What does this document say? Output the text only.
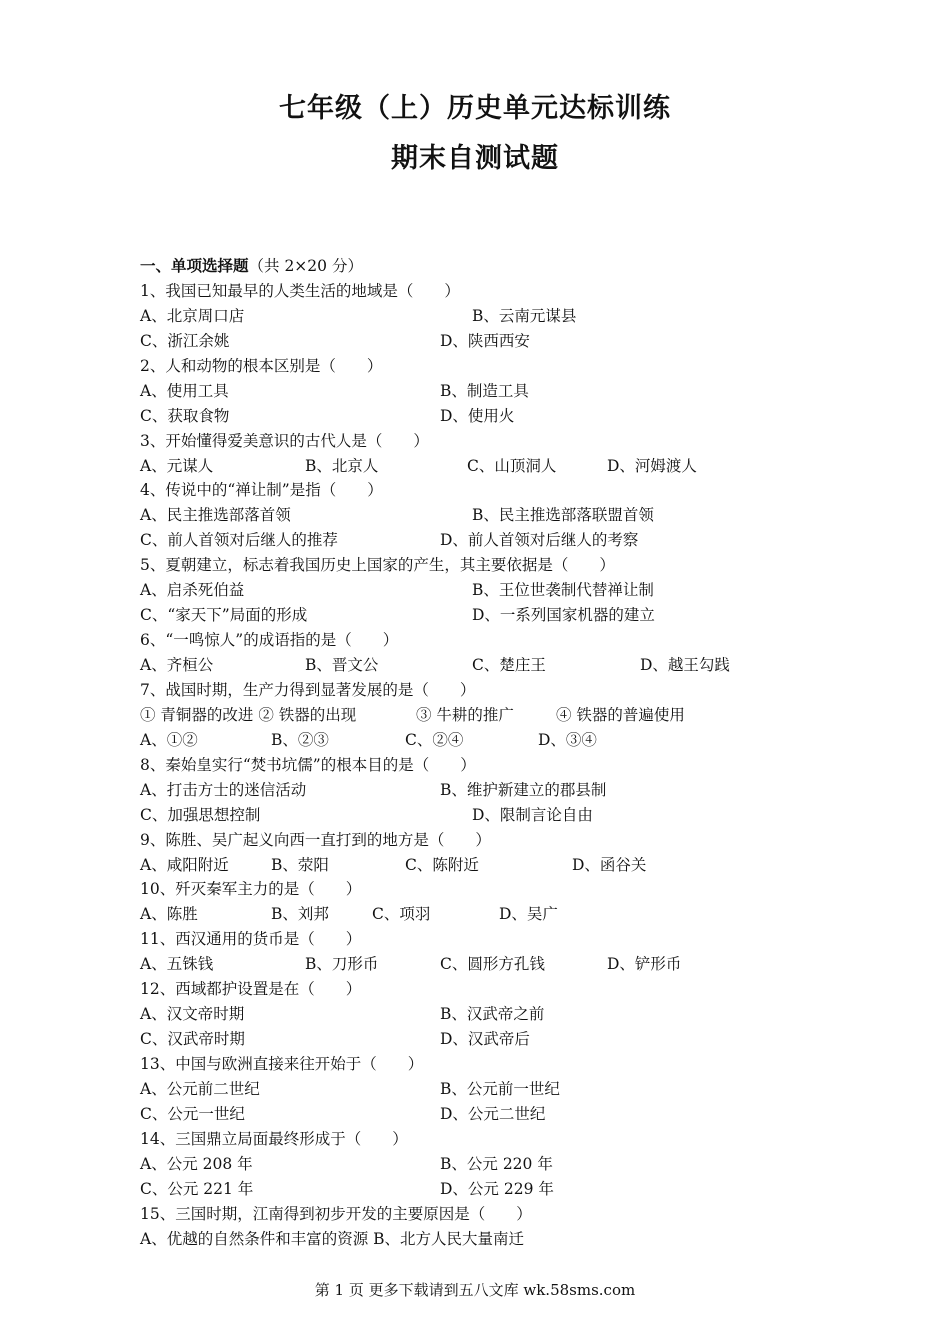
七年级（上）历史单元达标训练
期末自测试题
一、单项选择题（共 2×20 分）
1、我国已知最早的人类生活的地域是（　　）
A、北京周口店	B、云南元谋县
C、浙江余姚	D、陕西西安
2、人和动物的根本区别是（　　）
A、使用工具	B、制造工具
C、获取食物	D、使用火
3、开始懂得爱美意识的古代人是（　　）
A、元谋人	B、北京人	C、山顶洞人	D、河姆渡人
4、传说中的“禅让制”是指（　　）
A、民主推选部落首领	B、民主推选部落联盟首领
C、前人首领对后继人的推荐	D、前人首领对后继人的考察
5、夏朝建立，标志着我国历史上国家的产生，其主要依据是（　　）
A、启杀死伯益	B、王位世袭制代替禅让制
C、“家天下”局面的形成	D、一系列国家机器的建立
6、“一鸣惊人”的成语指的是（　　）
A、齐桓公	B、晋文公	C、楚庄王	D、越王勾践
7、战国时期，生产力得到显著发展的是（　　）
① 青铜器的改进 ② 铁器的出现	③ 牛耕的推广	④ 铁器的普遍使用
A、①②	B、②③	C、②④	D、③④
8、秦始皇实行“焚书坑儒”的根本目的是（　　）
A、打击方士的迷信活动	B、维护新建立的郡县制
C、加强思想控制	D、限制言论自由
9、陈胜、吴广起义向西一直打到的地方是（　　）
A、咸阳附近	B、荥阳	C、陈附近	D、函谷关
10、歼灭秦军主力的是（　　）
A、陈胜	B、刘邦	C、项羽	D、吴广
11、西汉通用的货币是（　　）
A、五铢钱	B、刀形币	C、圆形方孔钱	D、铲形币
12、西域都护设置是在（　　）
A、汉文帝时期	B、汉武帝之前
C、汉武帝时期	D、汉武帝后
13、中国与欧洲直接来往开始于（　　）
A、公元前二世纪	B、公元前一世纪
C、公元一世纪	D、公元二世纪
14、三国鼎立局面最终形成于（　　）
A、公元 208 年	B、公元 220 年
C、公元 221 年	D、公元 229 年
15、三国时期，江南得到初步开发的主要原因是（　　）
A、优越的自然条件和丰富的资源 B、北方人民大量南迁
第 1 页 更多下载请到五八文库 wk.58sms.com
